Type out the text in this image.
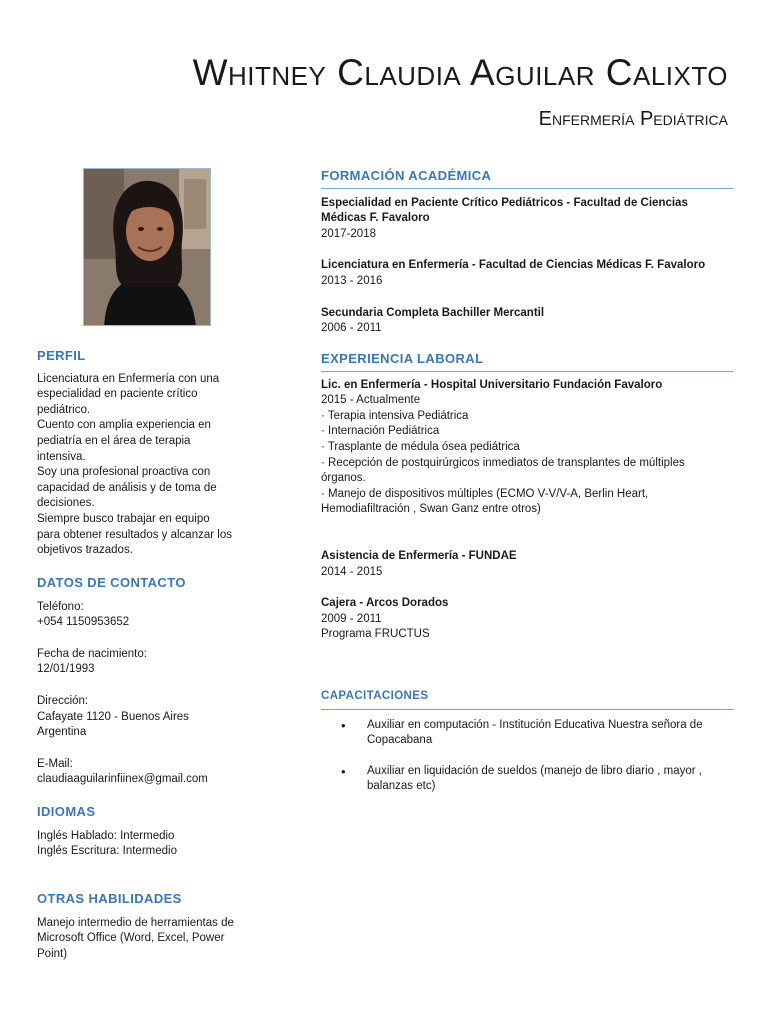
Whitney Claudia Aguilar Calixto
Enfermería Pediátrica
PERFIL
Licenciatura en Enfermería con una
especialidad en paciente crítico
pediátrico.
Cuento con amplia experiencia en
pediatría en el área de terapia
intensiva.
Soy una profesional proactiva con
capacidad de análisis y de toma de
decisiones.
Siempre busco trabajar en equipo
para obtener resultados y alcanzar los
objetivos trazados.
DATOS DE CONTACTO
Teléfono:
+054 1150953652
Fecha de nacimiento:
12/01/1993
Dirección:
Cafayate 1120 - Buenos Aires
Argentina
E-Mail:
claudiaaguilarinfiinex@gmail.com
IDIOMAS
Inglés Hablado: Intermedio
Inglés Escritura: Intermedio
OTRAS HABILIDADES
Manejo intermedio de herramientas de
Microsoft Office (Word, Excel, Power
Point)
FORMACIÓN ACADÉMICA
Especialidad en Paciente Crítico Pediátricos - Facultad de Ciencias
Médicas F. Favaloro
2017-2018
Licenciatura en Enfermería - Facultad de Ciencias Médicas F. Favaloro
2013 - 2016
Secundaria Completa Bachiller Mercantil
2006 - 2011
EXPERIENCIA LABORAL
Lic. en Enfermería - Hospital Universitario Fundación Favaloro
2015 - Actualmente
· Terapia intensiva Pediátrica
· Internación Pediátrica
· Trasplante de médula ósea pediátrica
· Recepción de postquirúrgicos inmediatos de transplantes de múltiples
órganos.
· Manejo de dispositivos múltiples (ECMO V-V/V-A, Berlin Heart,
Hemodiafiltración , Swan Ganz entre otros)
Asistencia de Enfermería - FUNDAE
2014 - 2015
Cajera - Arcos Dorados
2009 - 2011
Programa FRUCTUS
CAPACITACIONES
• Auxiliar en computación - Institución Educativa Nuestra señora de Copacabana
• Auxiliar en liquidación de sueldos (manejo de libro diario , mayor , balanzas etc)
